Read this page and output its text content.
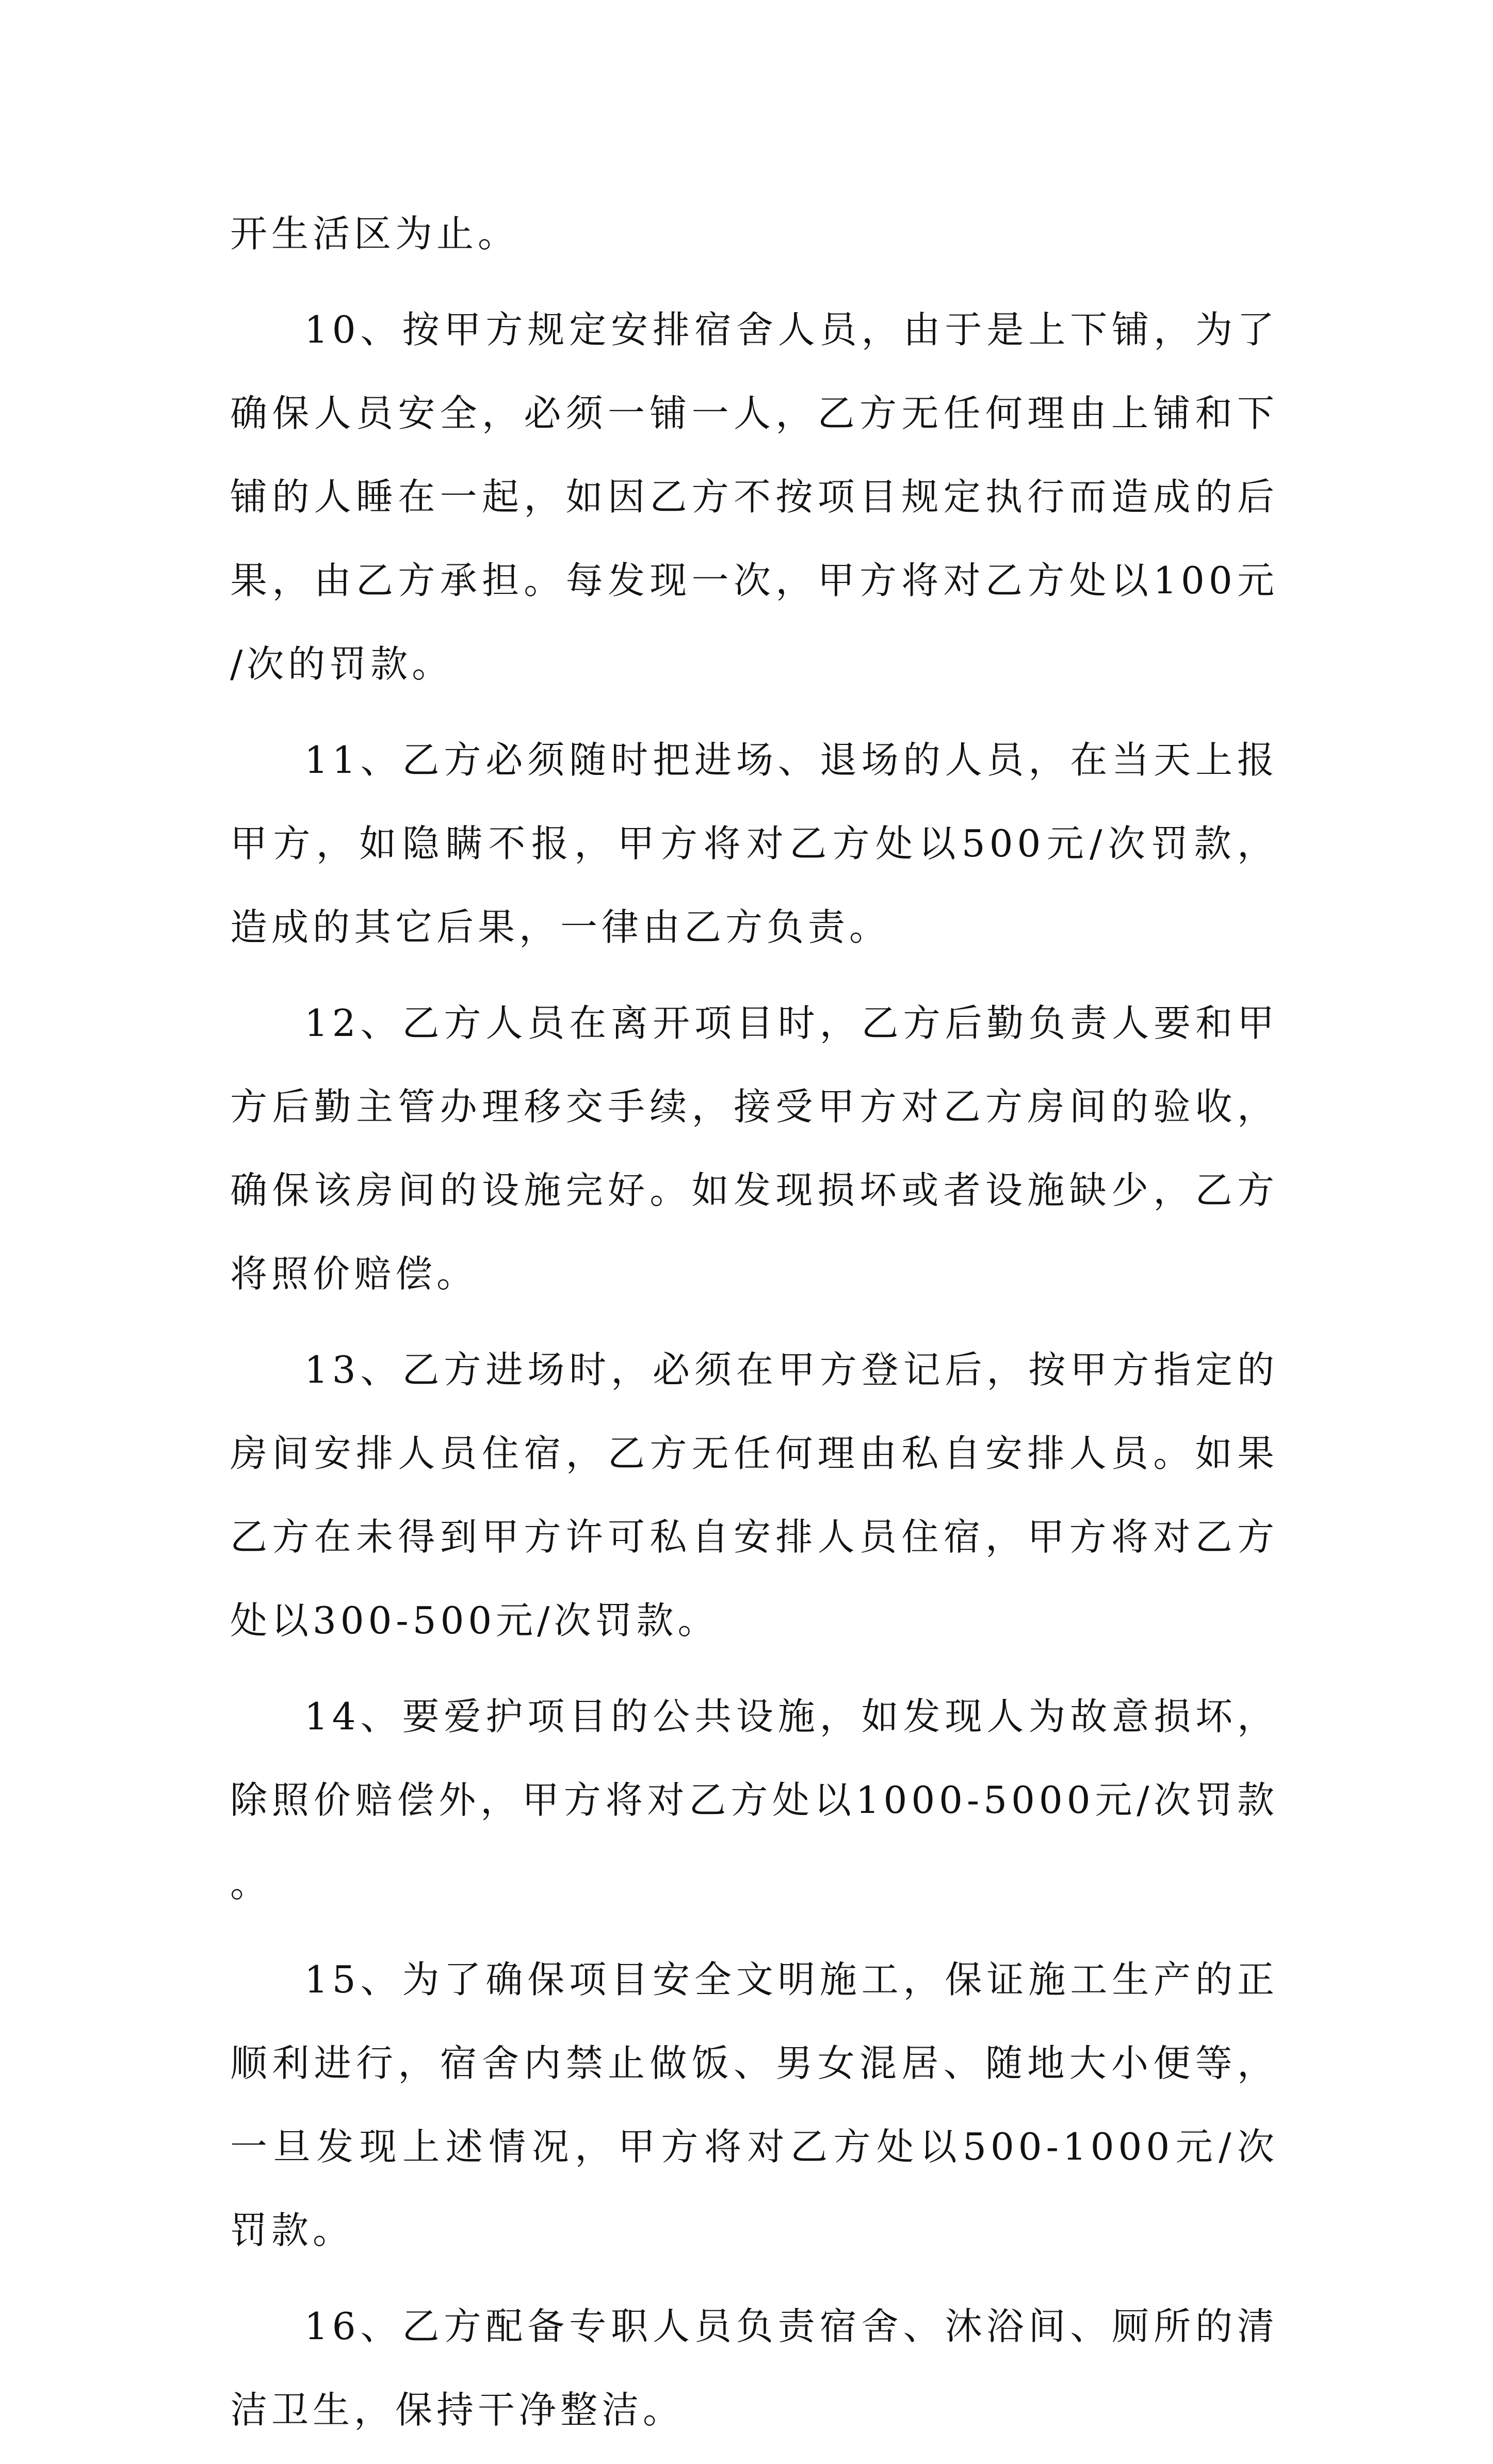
开生活区为止。

10、按甲方规定安排宿舍人员，由于是上下铺，为了确保人员安全，必须一铺一人，乙方无任何理由上铺和下铺的人睡在一起，如因乙方不按项目规定执行而造成的后果，由乙方承担。每发现一次，甲方将对乙方处以100元/次的罚款。

11、乙方必须随时把进场、退场的人员，在当天上报甲方，如隐瞒不报，甲方将对乙方处以500元/次罚款，造成的其它后果，一律由乙方负责。

12、乙方人员在离开项目时，乙方后勤负责人要和甲方后勤主管办理移交手续，接受甲方对乙方房间的验收，确保该房间的设施完好。如发现损坏或者设施缺少，乙方将照价赔偿。

13、乙方进场时，必须在甲方登记后，按甲方指定的房间安排人员住宿，乙方无任何理由私自安排人员。如果乙方在未得到甲方许可私自安排人员住宿，甲方将对乙方处以300-500元/次罚款。

14、要爱护项目的公共设施，如发现人为故意损坏，除照价赔偿外，甲方将对乙方处以1000-5000元/次罚款。

15、为了确保项目安全文明施工，保证施工生产的正顺利进行，宿舍内禁止做饭、男女混居、随地大小便等，一旦发现上述情况，甲方将对乙方处以500-1000元/次罚款。

16、乙方配备专职人员负责宿舍、沐浴间、厕所的清洁卫生，保持干净整洁。
